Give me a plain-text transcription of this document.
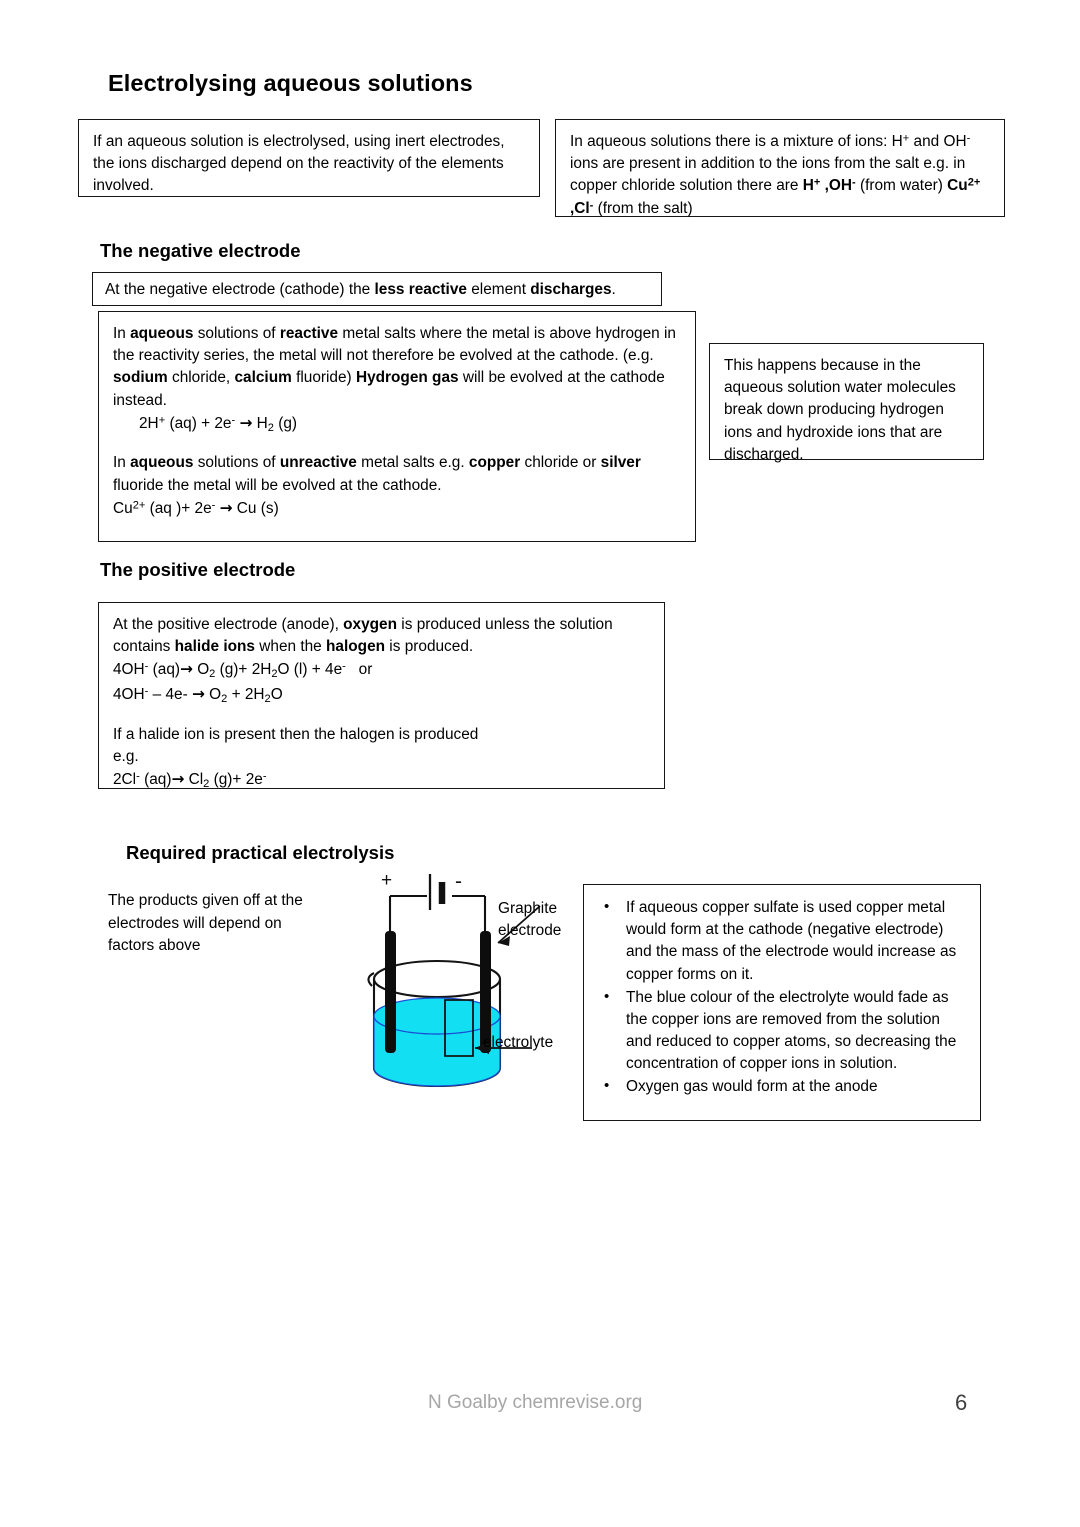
Electrolysing aqueous solutions
If an aqueous solution is electrolysed, using inert electrodes, the ions discharged depend on the reactivity of the elements involved.
In aqueous solutions there is a mixture of ions: H+ and OH- ions are present in addition to the ions from the salt e.g. in copper chloride solution there are H+ ,OH- (from water) $Cu^{2+}$ ,Cl- (from the salt)
The negative electrode
At the negative electrode (cathode) the less reactive element discharges.
In aqueous solutions of reactive metal salts where the metal is above hydrogen in the reactivity series, the metal will not therefore be evolved at the cathode. (e.g. sodium chloride, calcium fluoride) Hydrogen gas will be evolved at the cathode instead.
2H+ $(aq) + 2e^- \to H_2$ (g)
In aqueous solutions of unreactive metal salts e.g. copper chloride or silver fluoride the metal will be evolved at the cathode.
$Cu^{2+}$ (aq )+ 2e- → Cu (s)
This happens because in the aqueous solution water molecules break down producing hydrogen ions and hydroxide ions that are discharged.
The positive electrode
At the positive electrode (anode), oxygen is produced unless the solution contains halide ions when the halogen is produced.
4OH- $(aq)\to O_2$ $(g)+ 2H_2O$ (l) + 4e-   or
$4OH^- - 4e- \to O_2 + 2H_2O$
If a halide ion is present then the halogen is produced
e.g.
2Cl- $(aq)\to Cl_2$ (g)+ 2e-
Required practical electrolysis
The products given off at the electrodes will depend on factors above
+	-
Graphite
electrode
electrolyte
• If aqueous copper sulfate is used copper metal would form at the cathode (negative electrode) and the mass of the electrode would increase as copper forms on it.
• The blue colour of the electrolyte would fade as the copper ions are removed from the solution and reduced to copper atoms, so decreasing the concentration of copper ions in solution.
• Oxygen gas would form at the anode
N Goalby chemrevise.org	6
